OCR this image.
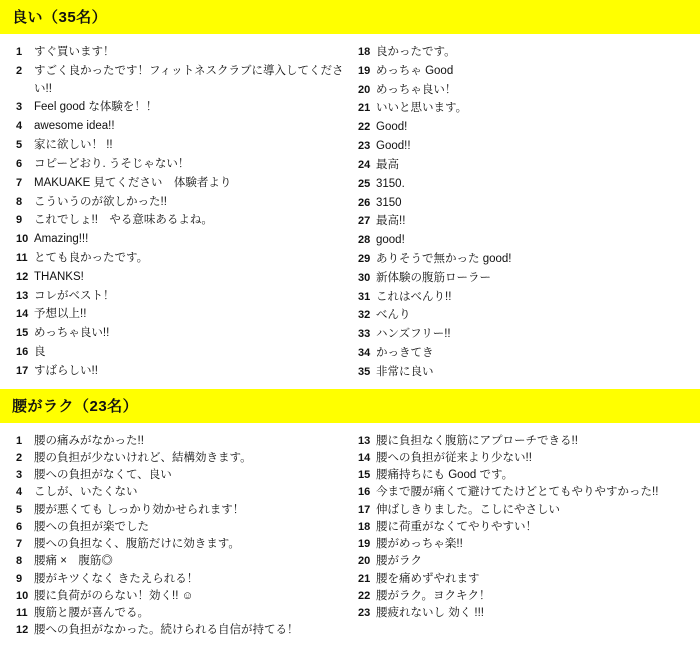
良い（35名）
1	すぐ買います！
2	すごく良かったです！フィットネスクラブに導入してください!!
3	Feel good な体験を！！
4	awesome idea!!
5	家に欲しい！ !!
6	コピーどおり. うそじゃない！
7	MAKUAKE 見てください　体験者より
8	こういうのが欲しかった!!
9	これでしょ!!　やる意味あるよね。
10 Amazing!!!
11 とても良かったです。
12 THANKS!
13 コレがベスト！
14 予想以上!!
15 めっちゃ良い!!
16 良
17 すばらしい!!
18 良かったです。
19 めっちゃ Good
20 めっちゃ良い！
21 いいと思います。
22 Good!
23 Good!!
24 最高
25 3150.
26 3150
27 最高!!
28 good!
29 ありそうで無かった good!
30 新体験の腹筋ローラー
31 これはべんり!!
32 べんり
33 ハンズフリー!!
34 かっきてき
35 非常に良い
腰がラク（23名）
1	腰の痛みがなかった!!
2	腰の負担が少ないけれど、結構効きます。
3	腰への負担がなくて、良い
4	こしが、いたくない
5	腰が悪くても しっかり効かせられます！
6	腰への負担が楽でした
7	腰への負担なく、腹筋だけに効きます。
8	腰痛 ×　腹筋◎
9	腰がキツくなく きたえられる！
10 腰に負荷がのらない！効く!! ☺
11 腹筋と腰が喜んでる。
12 腰への負担がなかった。続けられる自信が持てる！
13 腰に負担なく腹筋にアプローチできる!!
14 腰への負担が従来より少ない!!
15 腰痛持ちにも Good です。
16 今まで腰が痛くて避けてたけどとてもやりやすかった!!
17 伸ばしきりました。こしにやさしい
18 腰に荷重がなくてやりやすい！
19 腰がめっちゃ楽!!
20 腰がラク
21 腰を痛めずやれます
22 腰がラク。ヨクキク！
23 腰疲れないし 効く !!!
